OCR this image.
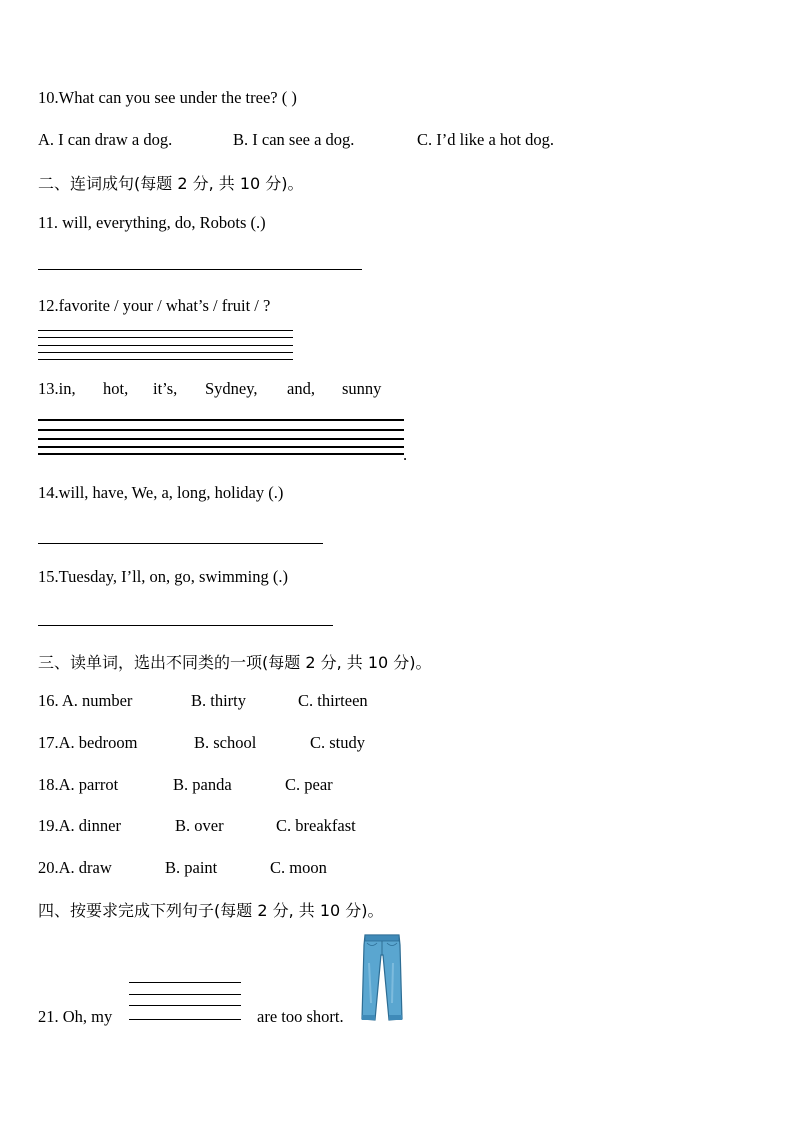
10.What can you see under the tree? ( )
A. I can draw a dog.	B. I can see a dog.	C. I’d like a hot dog.
二、连词成句(每题 2 分, 共 10 分)。
11. will, everything, do, Robots (.)
12.favorite / your / what’s / fruit / ?
13.in, hot, it’s, Sydney, and, sunny
.
14.will, have, We, a, long, holiday (.)
15.Tuesday, I’ll, on, go, swimming (.)
三、读单词，选出不同类的一项(每题 2 分, 共 10 分)。
16. A. number	B. thirty	C. thirteen
17.A. bedroom	B. school	C. study
18.A. parrot	B. panda	C. pear
19.A. dinner	B. over	C. breakfast
20.A. draw	B. paint	C. moon
四、按要求完成下列句子(每题 2 分, 共 10 分)。
21. Oh, my	are too short.
